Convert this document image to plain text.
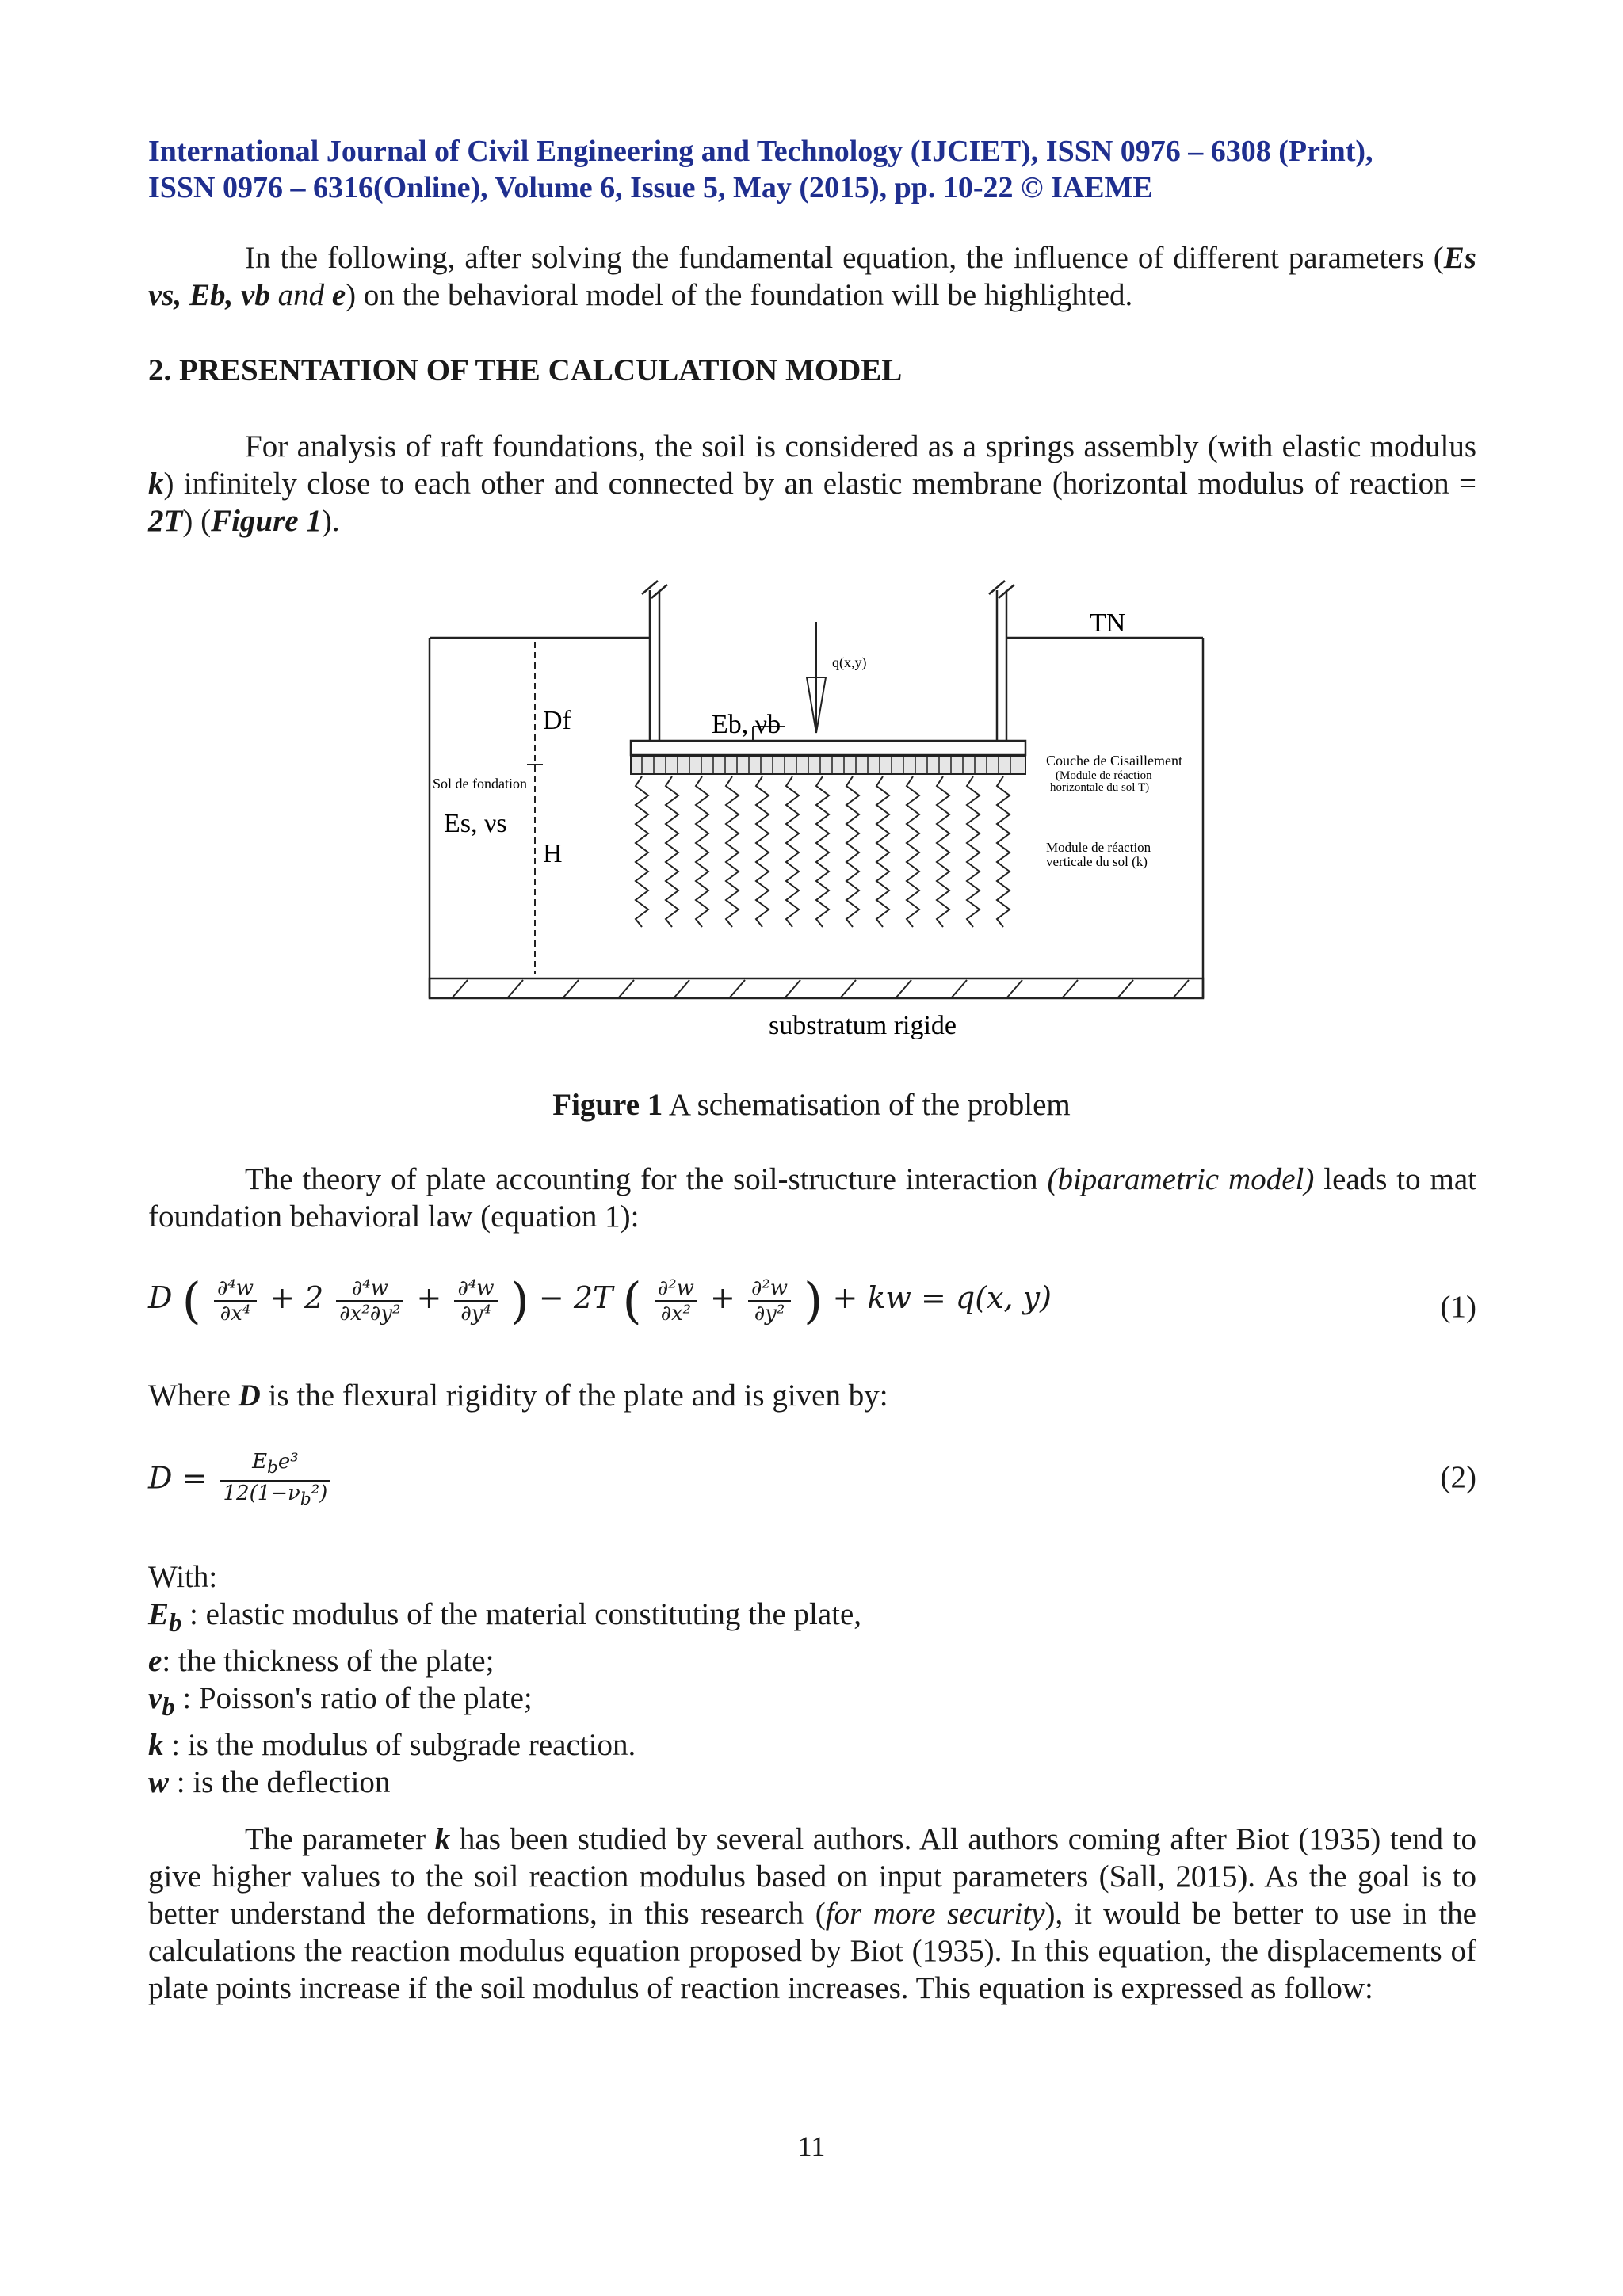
International Journal of Civil Engineering and Technology (IJCIET), ISSN 0976 – 6308 (Print),
ISSN 0976 – 6316(Online), Volume 6, Issue 5, May (2015), pp. 10-22 © IAEME
In the following, after solving the fundamental equation, the influence of different parameters (Es νs, Eb, νb and e) on the behavioral model of the foundation will be highlighted.
2. PRESENTATION OF THE CALCULATION MODEL
For analysis of raft foundations, the soil is considered as a springs assembly (with elastic modulus k) infinitely close to each other and connected by an elastic membrane (horizontal modulus of reaction = 2T) (Figure 1).
TN
q(x,y)
Df	Eb, νb
Sol de fondation
Es, νs
H
Couche de Cisaillement
(Module de réaction
horizontale du sol T)
Module de réaction
verticale du sol (k)
substratum rigide
Figure 1 A schematisation of the problem
The theory of plate accounting for the soil-structure interaction (biparametric model) leads to mat foundation behavioral law (equation 1):
D ( $\frac{\text{∂⁴w}}{\text{∂x⁴}} + 2 \frac{\text{∂⁴w}}{\text{∂x²∂y²}} + \frac{\text{∂⁴w}}{\text{∂y⁴}}$ ) − 2T ( $\frac{\text{∂²w}}{\text{∂x²}} + \frac{\text{∂²w}}{\text{∂y²}}$ ) + kw = q(x, y)	(1)
Where D is the flexural rigidity of the plate and is given by:
$D = \frac{E_be^3}{12(1-\nu_b^2)}$	(2)
With:
$E_b$ : elastic modulus of the material constituting the plate,
e: the thickness of the plate;
$\nu_b$ : Poisson's ratio of the plate;
k : is the modulus of subgrade reaction.
w : is the deflection
The parameter k has been studied by several authors. All authors coming after Biot (1935) tend to give higher values to the soil reaction modulus based on input parameters (Sall, 2015). As the goal is to better understand the deformations, in this research (for more security), it would be better to use in the calculations the reaction modulus equation proposed by Biot (1935). In this equation, the displacements of plate points increase if the soil modulus of reaction increases. This equation is expressed as follow:
11
